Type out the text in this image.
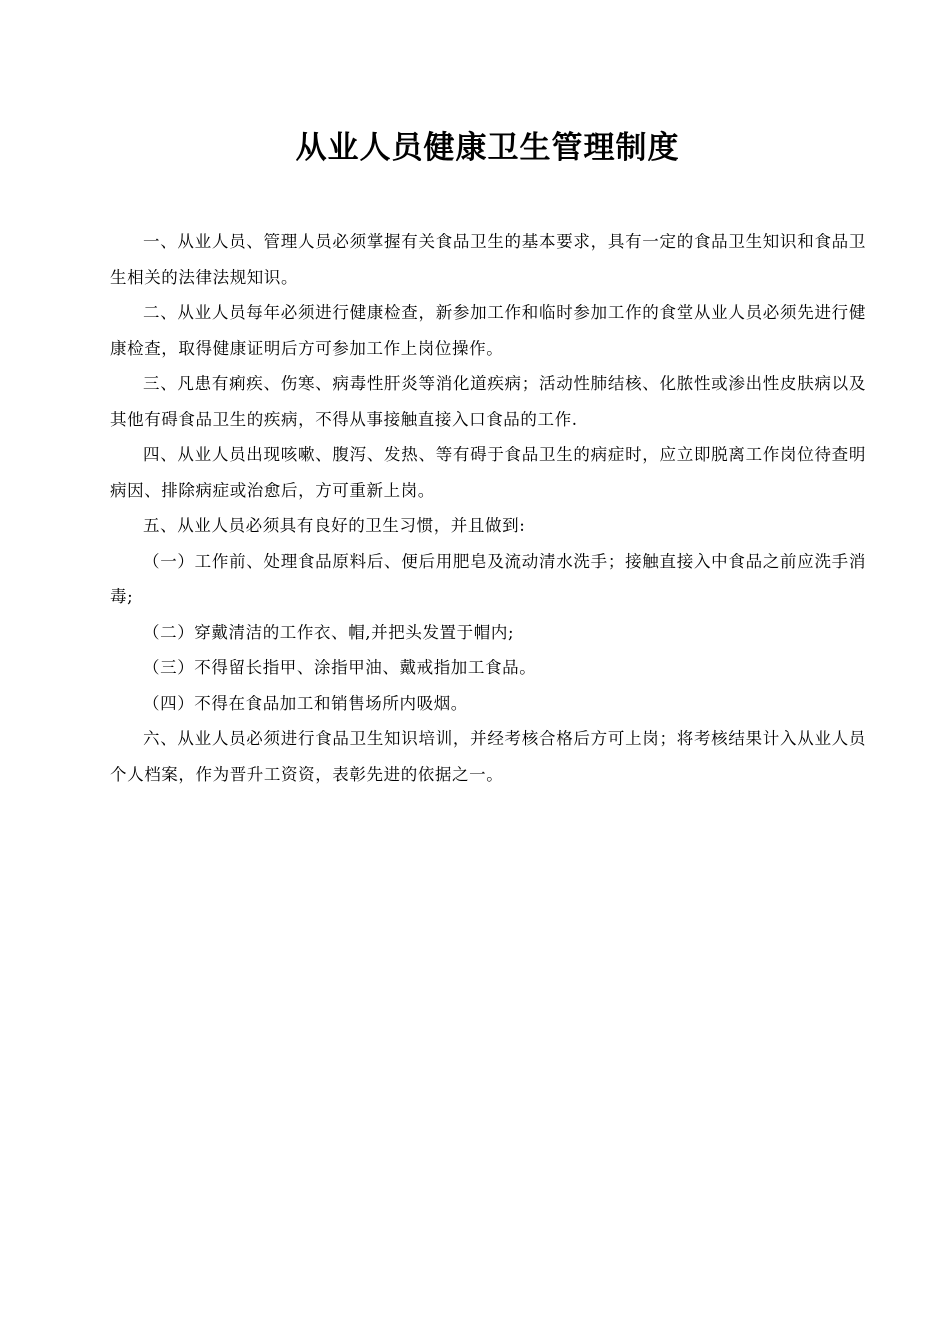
从业人员健康卫生管理制度

一、从业人员、管理人员必须掌握有关食品卫生的基本要求，具有一定的食品卫生知识和食品卫生相关的法律法规知识。

二、从业人员每年必须进行健康检查，新参加工作和临时参加工作的食堂从业人员必须先进行健康检查，取得健康证明后方可参加工作上岗位操作。

三、凡患有痢疾、伤寒、病毒性肝炎等消化道疾病；活动性肺结核、化脓性或渗出性皮肤病以及其他有碍食品卫生的疾病，不得从事接触直接入口食品的工作.

四、从业人员出现咳嗽、腹泻、发热、等有碍于食品卫生的病症时，应立即脱离工作岗位待查明病因、排除病症或治愈后，方可重新上岗。

五、从业人员必须具有良好的卫生习惯，并且做到:

（一）工作前、处理食品原料后、便后用肥皂及流动清水洗手；接触直接入中食品之前应洗手消毒;

（二）穿戴清洁的工作衣、帽,并把头发置于帽内;

（三）不得留长指甲、涂指甲油、戴戒指加工食品。

（四）不得在食品加工和销售场所内吸烟。

六、从业人员必须进行食品卫生知识培训，并经考核合格后方可上岗；将考核结果计入从业人员个人档案，作为晋升工资资，表彰先进的依据之一。
